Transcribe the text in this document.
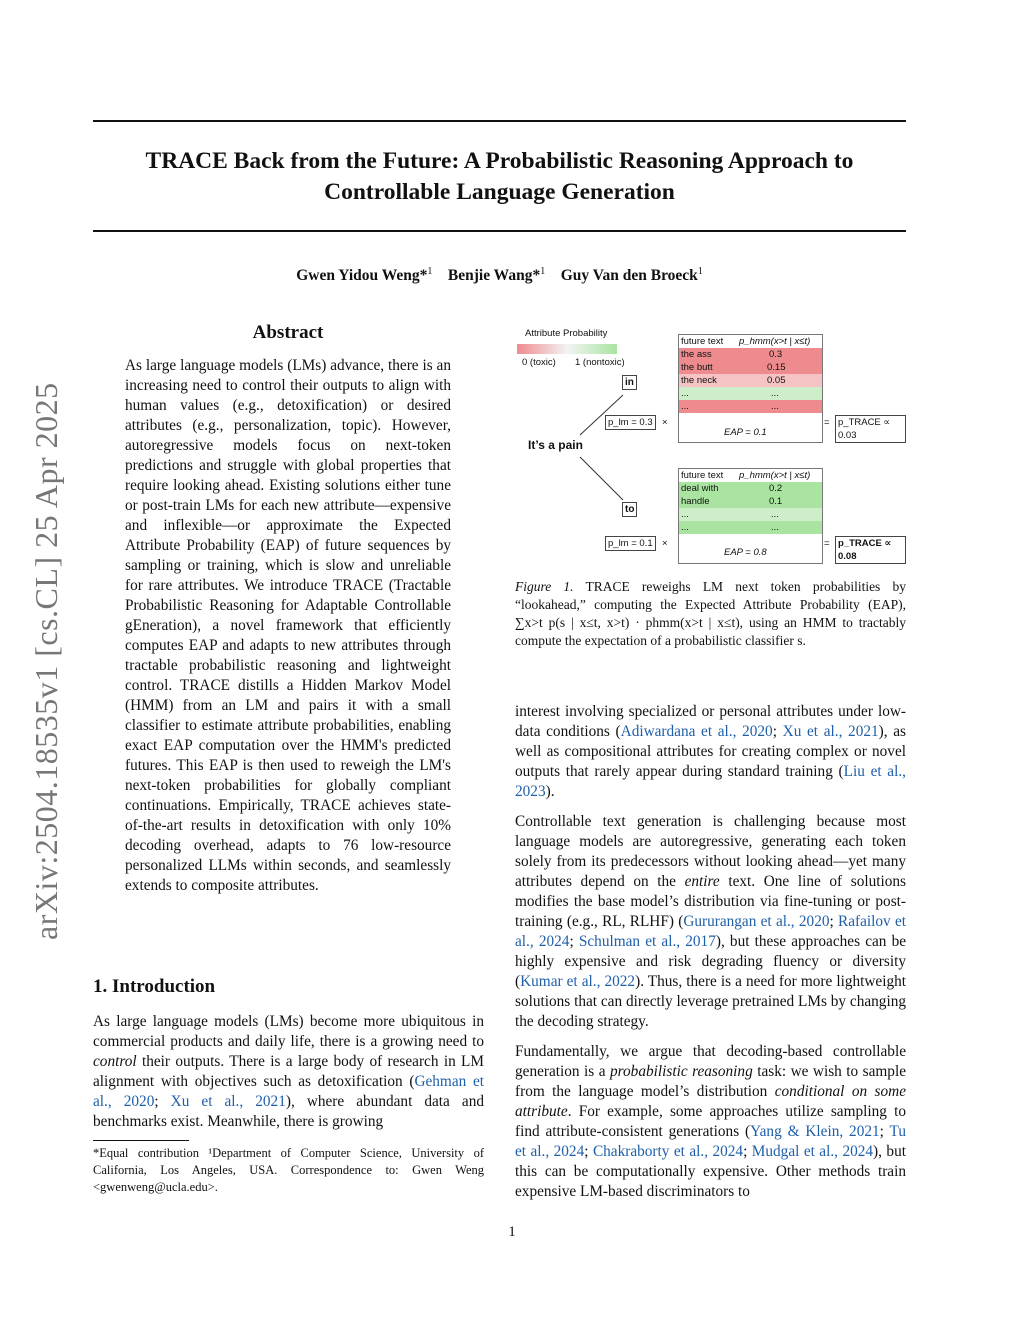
arXiv:2504.18535v1 [cs.CL] 25 Apr 2025
TRACE Back from the Future: A Probabilistic Reasoning Approach to
Controllable Language Generation
Gwen Yidou Weng*$^1$ Benjie Wang*$^1$ Guy Van den Broeck$^1$
Abstract
As large language models (LMs) advance, there is an increasing need to control their outputs to align with human values (e.g., detoxification) or desired attributes (e.g., personalization, topic). However, autoregressive models focus on next-token predictions and struggle with global properties that require looking ahead. Existing solutions either tune or post-train LMs for each new attribute—expensive and inflexible—or approximate the Expected Attribute Probability (EAP) of future sequences by sampling or training, which is slow and unreliable for rare attributes. We introduce TRACE (Tractable Probabilistic Reasoning for Adaptable Controllable gEneration), a novel framework that efficiently computes EAP and adapts to new attributes through tractable probabilistic reasoning and lightweight control. TRACE distills a Hidden Markov Model (HMM) from an LM and pairs it with a small classifier to estimate attribute probabilities, enabling exact EAP computation over the HMM's predicted futures. This EAP is then used to reweigh the LM's next-token probabilities for globally compliant continuations. Empirically, TRACE achieves state-of-the-art results in detoxification with only 10% decoding overhead, adapts to 76 low-resource personalized LLMs within seconds, and seamlessly extends to composite attributes.
1. Introduction
As large language models (LMs) become more ubiquitous in commercial products and daily life, there is a growing need to control their outputs. There is a large body of research in LM alignment with objectives such as detoxification (Gehman et al., 2020; Xu et al., 2021), where abundant data and benchmarks exist. Meanwhile, there is growing
*Equal contribution ¹Department of Computer Science, University of California, Los Angeles, USA. Correspondence to: Gwen Weng <gwenweng@ucla.edu>.
Attribute Probability
0 (toxic) 1 (nontoxic)
It’s a pain
in
p_lm = 0.3 ×
future text p_hmm(x>t | x≤t)
the ass	0.3
the butt	0.15
the neck	0.05
...	...
...	...
EAP = 0.1
= p_TRACE ∝ 0.03
to
p_lm = 0.1 ×
future text p_hmm(x>t | x≤t)
deal with	0.2
handle	0.1
...	...
...	...
EAP = 0.8
= p_TRACE ∝ 0.08
Figure 1. TRACE reweighs LM next token probabilities by “lookahead,” computing the Expected Attribute Probability (EAP), ∑x>t p(s | x≤t, x>t) · phmm(x>t | x≤t), using an HMM to tractably compute the expectation of a probabilistic classifier s.

interest involving specialized or personal attributes under low-data conditions (Adiwardana et al., 2020; Xu et al., 2021), as well as compositional attributes for creating complex or novel outputs that rarely appear during standard training (Liu et al., 2023).

Controllable text generation is challenging because most language models are autoregressive, generating each token solely from its predecessors without looking ahead—yet many attributes depend on the entire text. One line of solutions modifies the base model’s distribution via fine-tuning or post-training (e.g., RL, RLHF) (Gururangan et al., 2020; Rafailov et al., 2024; Schulman et al., 2017), but these approaches can be highly expensive and risk degrading fluency or diversity (Kumar et al., 2022). Thus, there is a need for more lightweight solutions that can directly leverage pretrained LMs by changing the decoding strategy.

Fundamentally, we argue that decoding-based controllable generation is a probabilistic reasoning task: we wish to sample from the language model’s distribution conditional on some attribute. For example, some approaches utilize sampling to find attribute-consistent generations (Yang & Klein, 2021; Tu et al., 2024; Chakraborty et al., 2024; Mudgal et al., 2024), but this can be computationally expensive. Other methods train expensive LM-based discriminators to

1
